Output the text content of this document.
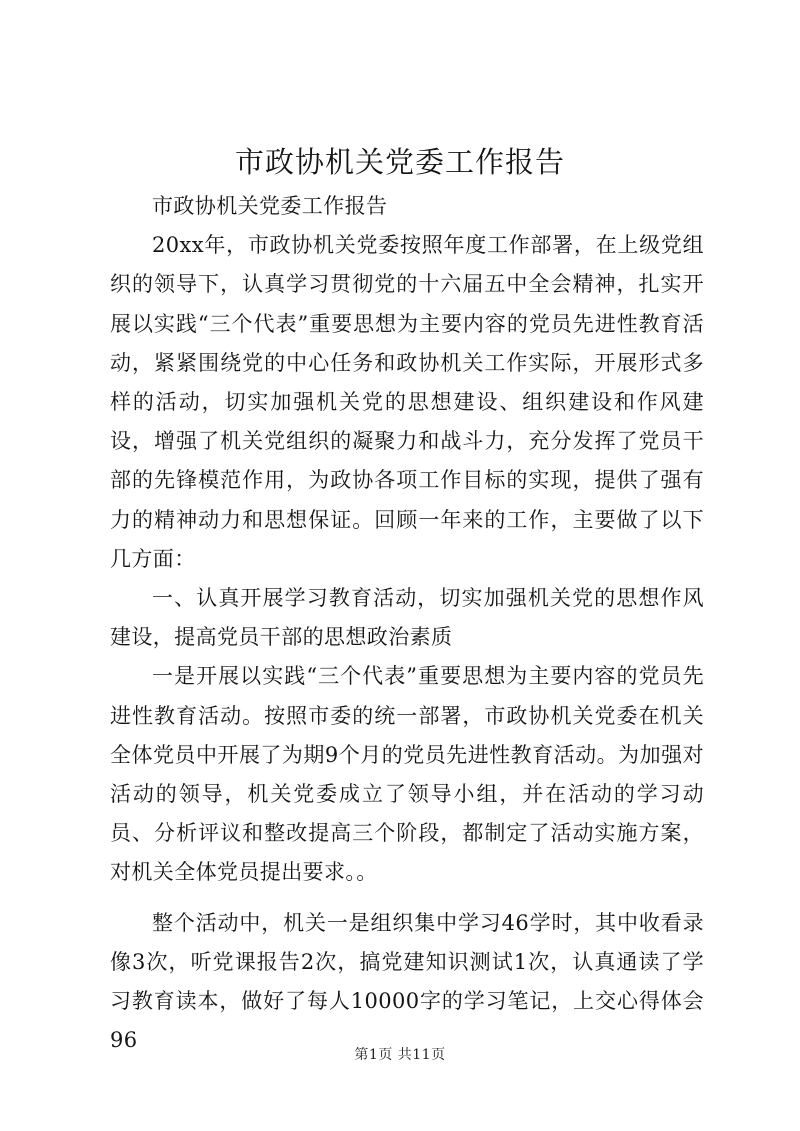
市政协机关党委工作报告

市政协机关党委工作报告

20xx年，市政协机关党委按照年度工作部署，在上级党组织的领导下，认真学习贯彻党的十六届五中全会精神，扎实开展以实践“三个代表”重要思想为主要内容的党员先进性教育活动，紧紧围绕党的中心任务和政协机关工作实际，开展形式多样的活动，切实加强机关党的思想建设、组织建设和作风建设，增强了机关党组织的凝聚力和战斗力，充分发挥了党员干部的先锋模范作用，为政协各项工作目标的实现，提供了强有力的精神动力和思想保证。回顾一年来的工作，主要做了以下几方面：

一、认真开展学习教育活动，切实加强机关党的思想作风建设，提高党员干部的思想政治素质

一是开展以实践“三个代表”重要思想为主要内容的党员先进性教育活动。按照市委的统一部署，市政协机关党委在机关全体党员中开展了为期9个月的党员先进性教育活动。为加强对活动的领导，机关党委成立了领导小组，并在活动的学习动员、分析评议和整改提高三个阶段，都制定了活动实施方案，对机关全体党员提出要求。。

整个活动中，机关一是组织集中学习46学时，其中收看录像3次，听党课报告2次，搞党建知识测试1次，认真通读了学习教育读本，做好了每人10000字的学习笔记，上交心得体会96

第1页 共11页
